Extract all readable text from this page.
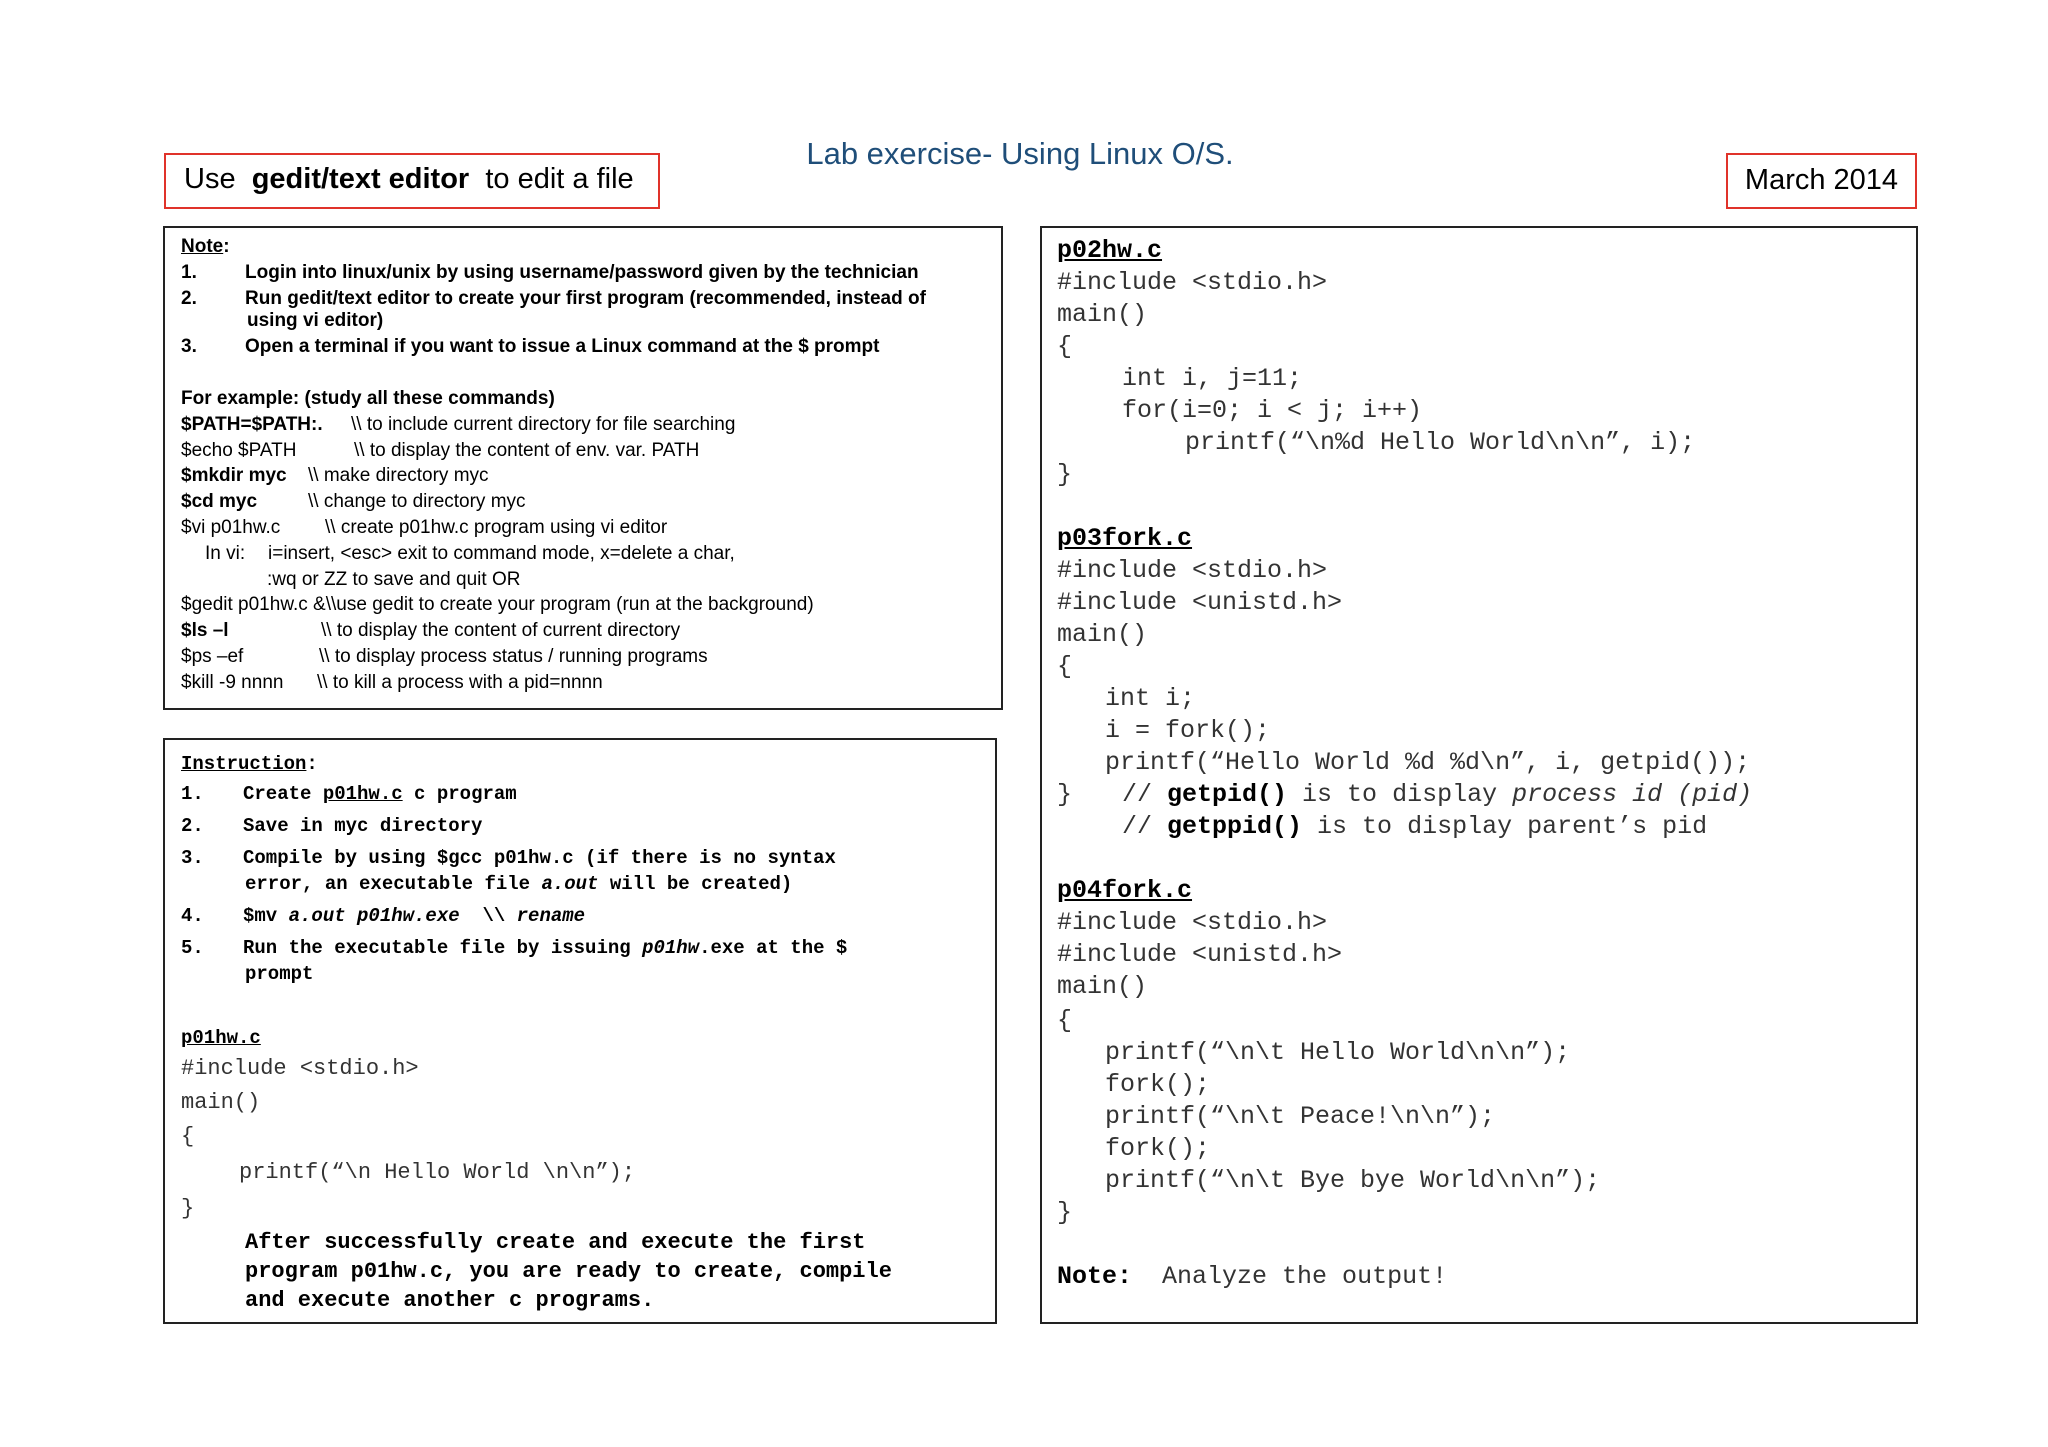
Lab exercise- Using Linux O/S.
Use gedit/text editor to edit a file	March 2014
Note:
1.	Login into linux/unix by using username/password given by the technician
2.	Run gedit/text editor to create your first program (recommended, instead of
using vi editor)
3.	Open a terminal if you want to issue a Linux command at the $ prompt
For example: (study all these commands)
$PATH=$PATH:. \\ to include current directory for file searching
$echo $PATH	\\ to display the content of env. var. PATH
$mkdir myc \\ make directory myc
$cd myc	\\ change to directory myc
$vi p01hw.c \\ create p01hw.c program using vi editor
In vi: i=insert, <esc> exit to command mode, x=delete a char,
:wq or ZZ to save and quit OR
$gedit p01hw.c &\\use gedit to create your program (run at the background)
$ls –l	\\ to display the content of current directory
$ps –ef	\\ to display process status / running programs
$kill -9 nnnn \\ to kill a process with a pid=nnnn
Instruction:
1. Create p01hw.c c program
2. Save in myc directory
3. Compile by using $gcc p01hw.c (if there is no syntax
error, an executable file a.out will be created)
4. $mv a.out p01hw.exe  \\ rename
5. Run the executable file by issuing p01hw.exe at the $
prompt
p01hw.c
#include <stdio.h>
main()
{
printf(“\n Hello World \n\n”);
}
After successfully create and execute the first
program p01hw.c, you are ready to create, compile
and execute another c programs.
p02hw.c
#include <stdio.h>
main()
{
int i, j=11;
for(i=0; i < j; i++)
printf(“\n%d Hello World\n\n”, i);
}
p03fork.c
#include <stdio.h>
#include <unistd.h>
main()
{
int i;
i = fork();
printf(“Hello World %d %d\n”, i, getpid());
} // getpid() is to display process id (pid)
// getppid() is to display parent’s pid
p04fork.c
#include <stdio.h>
#include <unistd.h>
main()
{
printf(“\n\t Hello World\n\n”);
fork();
printf(“\n\t Peace!\n\n”);
fork();
printf(“\n\t Bye bye World\n\n”);
}
Note: Analyze the output!
